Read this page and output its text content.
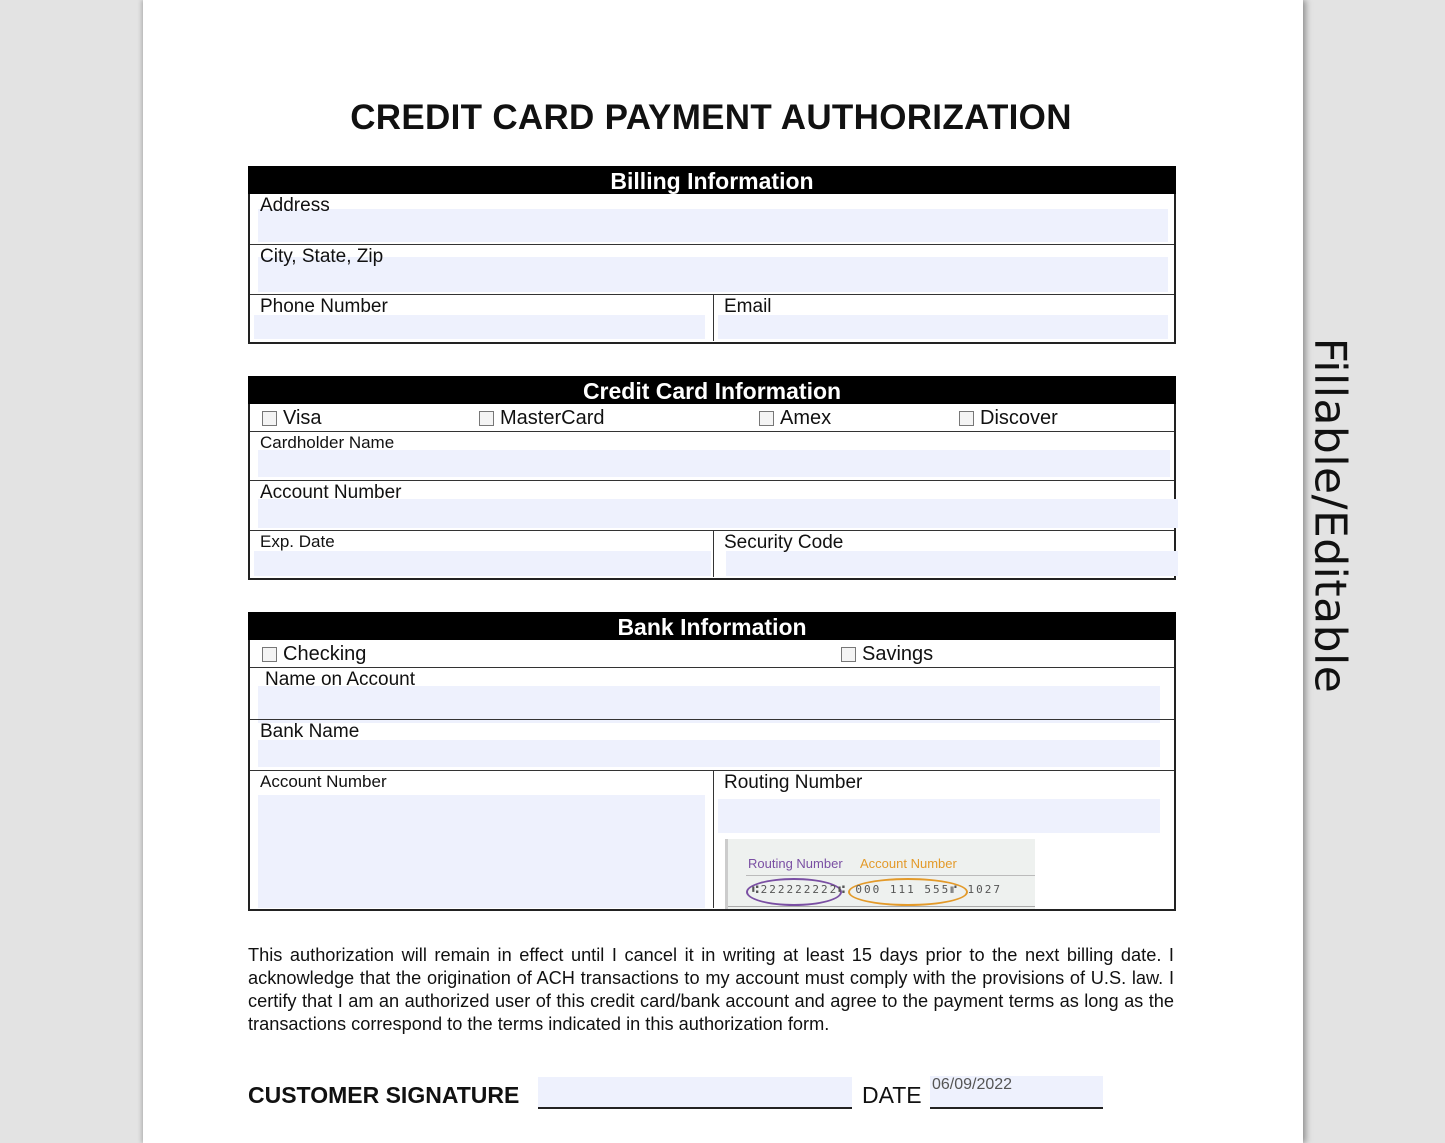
Fillable/Editable
CREDIT CARD PAYMENT AUTHORIZATION
Billing Information
Address
City, State, Zip
Phone Number	Email
Credit Card Information
Visa	MasterCard	Amex	Discover
Cardholder Name
Account Number
Exp. Date	Security Code
Bank Information
Checking	Savings
Name on Account
Bank Name
Account Number	Routing Number
Routing Number Account Number
⑆222222222⑆ 000 111 555⑈ 1027
This authorization will remain in effect until I cancel it in writing at least 15 days prior to the next billing date. I acknowledge that the origination of ACH transactions to my account must comply with the provisions of U.S. law. I certify that I am an authorized user of this credit card/bank account and agree to the payment terms as long as the transactions correspond to the terms indicated in this authorization form.
CUSTOMER SIGNATURE	DATE 06/09/2022
